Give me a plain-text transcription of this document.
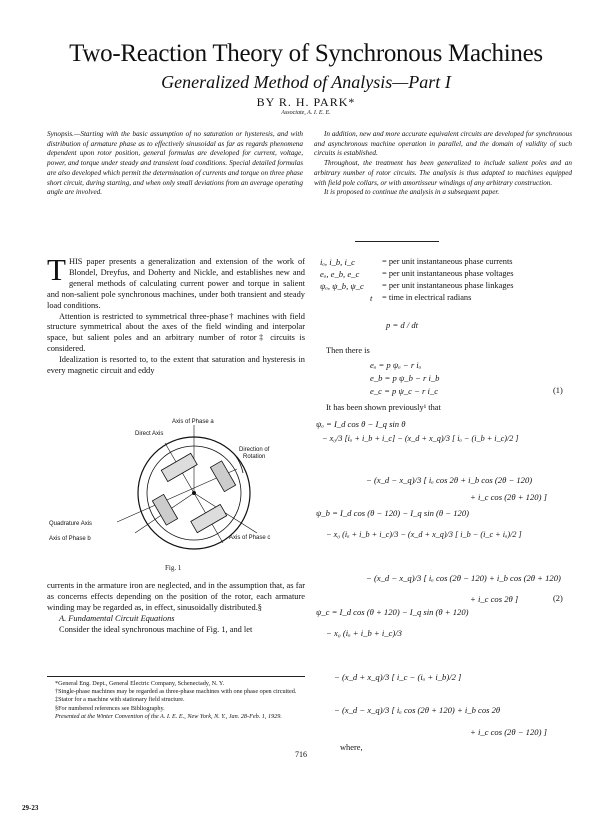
Two-Reaction Theory of Synchronous Machines
Generalized Method of Analysis—Part I
BY R. H. PARK*
Associate, A. I. E. E.

Synopsis.—Starting with the basic assumption of no saturation or hysteresis, and with distribution of armature phase as to effectively sinusoidal as far as regards phenomena dependent upon rotor position, general formulas are developed for current, voltage, power, and torque under steady and transient load conditions. Special detailed formulas are also developed which permit the determination of currents and torque on three phase short circuit, during starting, and when only small deviations from an average operating angle are involved.

In addition, new and more accurate equivalent circuits are developed for synchronous and asynchronous machine operation in parallel, and the domain of validity of such circuits is established.

Throughout, the treatment has been generalized to include salient poles and an arbitrary number of rotor circuits. The analysis is thus adapted to machines equipped with field pole collars, or with amortisseur windings of any arbitrary construction.

It is proposed to continue the analysis in a subsequent paper.

THIS paper presents a generalization and extension of the work of Blondel, Dreyfus, and Doherty and Nickle, and establishes new and general methods of calculating current power and torque in salient and non-salient pole synchronous machines, under both transient and steady load conditions.

Attention is restricted to symmetrical three-phase† machines with field structure symmetrical about the axes of the field winding and interpolar space, but salient poles and an arbitrary number of rotor‡ circuits is considered.

Idealization is resorted to, to the extent that saturation and hysteresis in every magnetic circuit and eddy

Axis of Phase a
Direct Axis
Direction of
Rotation
Quadrature Axis
Axis of Phase b	Axis of Phase c
Fig. 1

currents in the armature iron are neglected, and in the assumption that, as far as concerns effects depending on the position of the rotor, each armature winding may be regarded as, in effect, sinusoidally distributed.§

A. Fundamental Circuit Equations

Consider the ideal synchronous machine of Fig. 1, and let

*General Eng. Dept., General Electric Company, Schenectady, N. Y.

†Single-phase machines may be regarded as three-phase machines with one phase open circuited.

‡Stator for a machine with stationary field structure.

§For numbered references see Bibliography.

Presented at the Winter Convention of the A. I. E. E., New York, N. Y., Jan. 28-Feb. 1, 1929.

iₐ, i_b, i_c	= per unit instantaneous phase currents
eₐ, e_b, e_c	= per unit instantaneous phase voltages
ψₐ, ψ_b, ψ_c = per unit instantaneous phase linkages
t = time in electrical radians
p = d / dt
Then there is
eₐ = p ψₐ − r iₐ
e_b = p ψ_b − r i_b
e_c = p ψ_c − r i_c	(1)
It has been shown previously¹ that
ψₐ = I_d cos θ − I_q sin θ
− x₀/3 [iₐ + i_b + i_c] − (x_d + x_q)/3 [ iₐ − (i_b + i_c)/2 ]
− (x_d − x_q)/3 [ iₐ cos 2θ + i_b cos (2θ − 120)
+ i_c cos (2θ + 120) ]
ψ_b = I_d cos (θ − 120) − I_q sin (θ − 120)
− x₀ (iₐ + i_b + i_c)/3 − (x_d + x_q)/3 [ i_b − (i_c + iₐ)/2 ]
− (x_d − x_q)/3 [ iₐ cos (2θ − 120) + i_b cos (2θ + 120)
+ i_c cos 2θ ]	(2)
ψ_c = I_d cos (θ + 120) − I_q sin (θ + 120)
− x₀ (iₐ + i_b + i_c)/3
− (x_d + x_q)/3 [ i_c − (iₐ + i_b)/2 ]
− (x_d − x_q)/3 [ iₐ cos (2θ + 120) + i_b cos 2θ
+ i_c cos (2θ − 120) ]
where,
716
29-23
